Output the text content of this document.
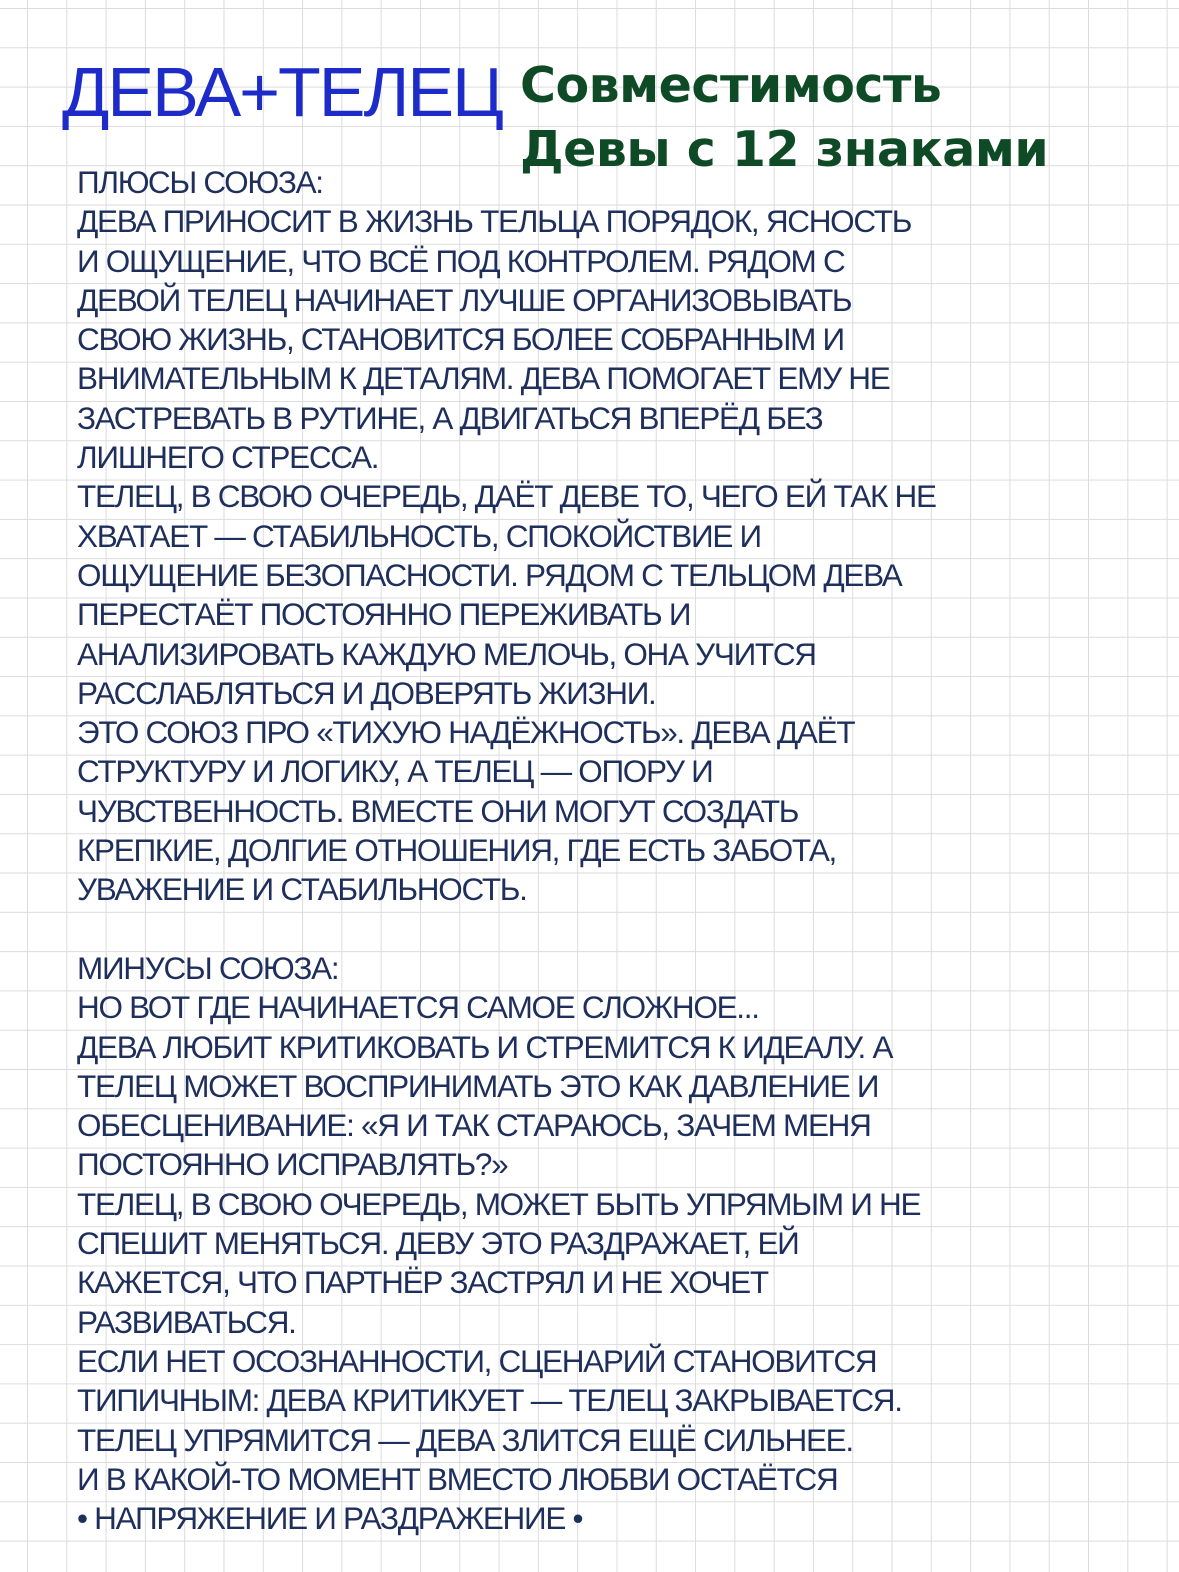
ДЕВА+ТЕЛЕЦ Совместимость
Девы с 12 знаками

ПЛЮСЫ СОЮЗА:

ДЕВА ПРИНОСИТ В ЖИЗНЬ ТЕЛЬЦА ПОРЯДОК, ЯСНОСТЬ

И ОЩУЩЕНИЕ, ЧТО ВСЁ ПОД КОНТРОЛЕМ. РЯДОМ С

ДЕВОЙ ТЕЛЕЦ НАЧИНАЕТ ЛУЧШЕ ОРГАНИЗОВЫВАТЬ

СВОЮ ЖИЗНЬ, СТАНОВИТСЯ БОЛЕЕ СОБРАННЫМ И

ВНИМАТЕЛЬНЫМ К ДЕТАЛЯМ. ДЕВА ПОМОГАЕТ ЕМУ НЕ

ЗАСТРЕВАТЬ В РУТИНЕ, А ДВИГАТЬСЯ ВПЕРЁД БЕЗ

ЛИШНЕГО СТРЕССА.

ТЕЛЕЦ, В СВОЮ ОЧЕРЕДЬ, ДАЁТ ДЕВЕ ТО, ЧЕГО ЕЙ ТАК НЕ

ХВАТАЕТ — СТАБИЛЬНОСТЬ, СПОКОЙСТВИЕ И

ОЩУЩЕНИЕ БЕЗОПАСНОСТИ. РЯДОМ С ТЕЛЬЦОМ ДЕВА

ПЕРЕСТАЁТ ПОСТОЯННО ПЕРЕЖИВАТЬ И

АНАЛИЗИРОВАТЬ КАЖДУЮ МЕЛОЧЬ, ОНА УЧИТСЯ

РАССЛАБЛЯТЬСЯ И ДОВЕРЯТЬ ЖИЗНИ.

ЭТО СОЮЗ ПРО «ТИХУЮ НАДЁЖНОСТЬ». ДЕВА ДАЁТ

СТРУКТУРУ И ЛОГИКУ, А ТЕЛЕЦ — ОПОРУ И

ЧУВСТВЕННОСТЬ. ВМЕСТЕ ОНИ МОГУТ СОЗДАТЬ

КРЕПКИЕ, ДОЛГИЕ ОТНОШЕНИЯ, ГДЕ ЕСТЬ ЗАБОТА,

УВАЖЕНИЕ И СТАБИЛЬНОСТЬ.

МИНУСЫ СОЮЗА:

НО ВОТ ГДЕ НАЧИНАЕТСЯ САМОЕ СЛОЖНОЕ...

ДЕВА ЛЮБИТ КРИТИКОВАТЬ И СТРЕМИТСЯ К ИДЕАЛУ. А

ТЕЛЕЦ МОЖЕТ ВОСПРИНИМАТЬ ЭТО КАК ДАВЛЕНИЕ И

ОБЕСЦЕНИВАНИЕ: «Я И ТАК СТАРАЮСЬ, ЗАЧЕМ МЕНЯ

ПОСТОЯННО ИСПРАВЛЯТЬ?»

ТЕЛЕЦ, В СВОЮ ОЧЕРЕДЬ, МОЖЕТ БЫТЬ УПРЯМЫМ И НЕ

СПЕШИТ МЕНЯТЬСЯ. ДЕВУ ЭТО РАЗДРАЖАЕТ, ЕЙ

КАЖЕТСЯ, ЧТО ПАРТНЁР ЗАСТРЯЛ И НЕ ХОЧЕТ

РАЗВИВАТЬСЯ.

ЕСЛИ НЕТ ОСОЗНАННОСТИ, СЦЕНАРИЙ СТАНОВИТСЯ

ТИПИЧНЫМ: ДЕВА КРИТИКУЕТ — ТЕЛЕЦ ЗАКРЫВАЕТСЯ.

ТЕЛЕЦ УПРЯМИТСЯ — ДЕВА ЗЛИТСЯ ЕЩЁ СИЛЬНЕЕ.

И В КАКОЙ-ТО МОМЕНТ ВМЕСТО ЛЮБВИ ОСТАЁТСЯ

• НАПРЯЖЕНИЕ И РАЗДРАЖЕНИЕ •
